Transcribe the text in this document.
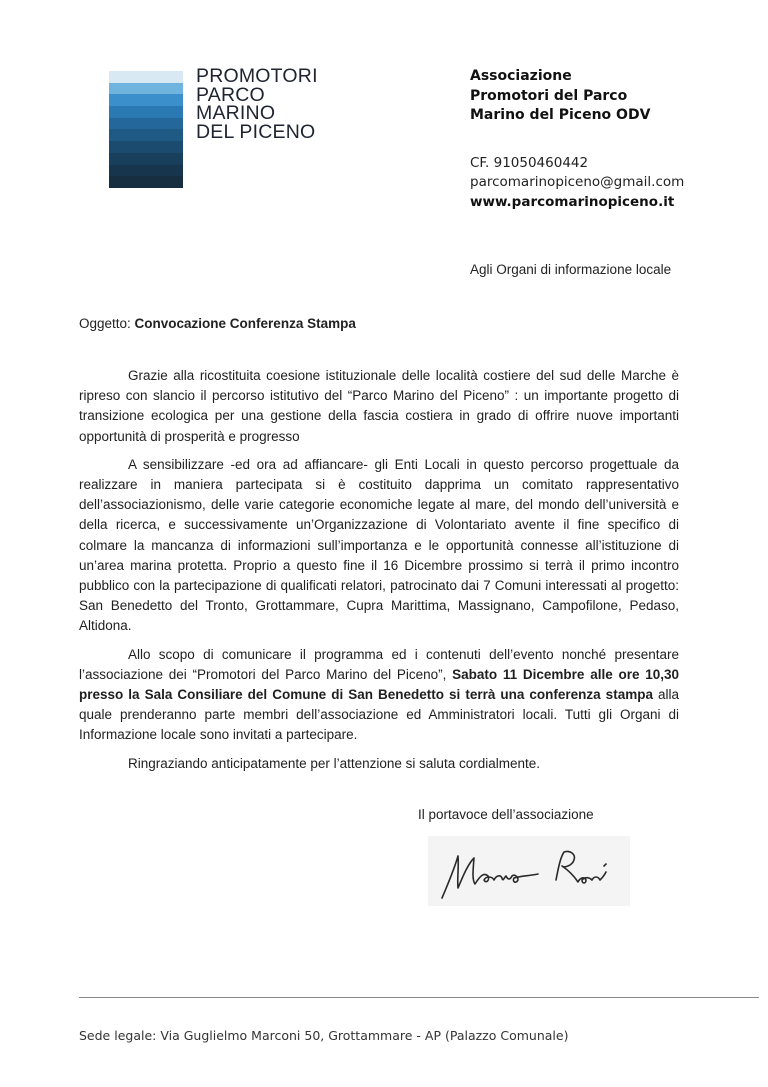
PROMOTORI
PARCO
MARINO
DEL PICENO
Associazione
Promotori del Parco
Marino del Piceno ODV
CF. 91050460442
parcomarinopiceno@gmail.com
www.parcomarinopiceno.it
Agli Organi di informazione locale
Oggetto: Convocazione Conferenza Stampa

Grazie alla ricostituita coesione istituzionale delle località costiere del sud delle Marche è ripreso con slancio il percorso istitutivo del “Parco Marino del Piceno” : un importante progetto di transizione ecologica per una gestione della fascia costiera in grado di offrire nuove importanti opportunità di prosperità e progresso

A sensibilizzare -ed ora ad affiancare- gli Enti Locali in questo percorso progettuale da realizzare in maniera partecipata si è costituito dapprima un comitato rappresentativo dell’associazionismo, delle varie categorie economiche legate al mare, del mondo dell’università e della ricerca, e successivamente un’Organizzazione di Volontariato avente il fine specifico di colmare la mancanza di informazioni sull’importanza e le opportunità connesse all’istituzione di un’area marina protetta. Proprio a questo fine il 16 Dicembre prossimo si terrà il primo incontro pubblico con la partecipazione di qualificati relatori, patrocinato dai 7 Comuni interessati al progetto: San Benedetto del Tronto, Grottammare, Cupra Marittima, Massignano, Campofilone, Pedaso, Altidona.

Allo scopo di comunicare il programma ed i contenuti dell’evento nonché presentare l’associazione dei “Promotori del Parco Marino del Piceno”, Sabato 11 Dicembre alle ore 10,30 presso la Sala Consiliare del Comune di San Benedetto si terrà una conferenza stampa alla quale prenderanno parte membri dell’associazione ed Amministratori locali. Tutti gli Organi di Informazione locale sono invitati a partecipare.

Ringraziando anticipatamente per l’attenzione si saluta cordialmente.

Il portavoce dell’associazione
Sede legale: Via Guglielmo Marconi 50, Grottammare - AP (Palazzo Comunale)
